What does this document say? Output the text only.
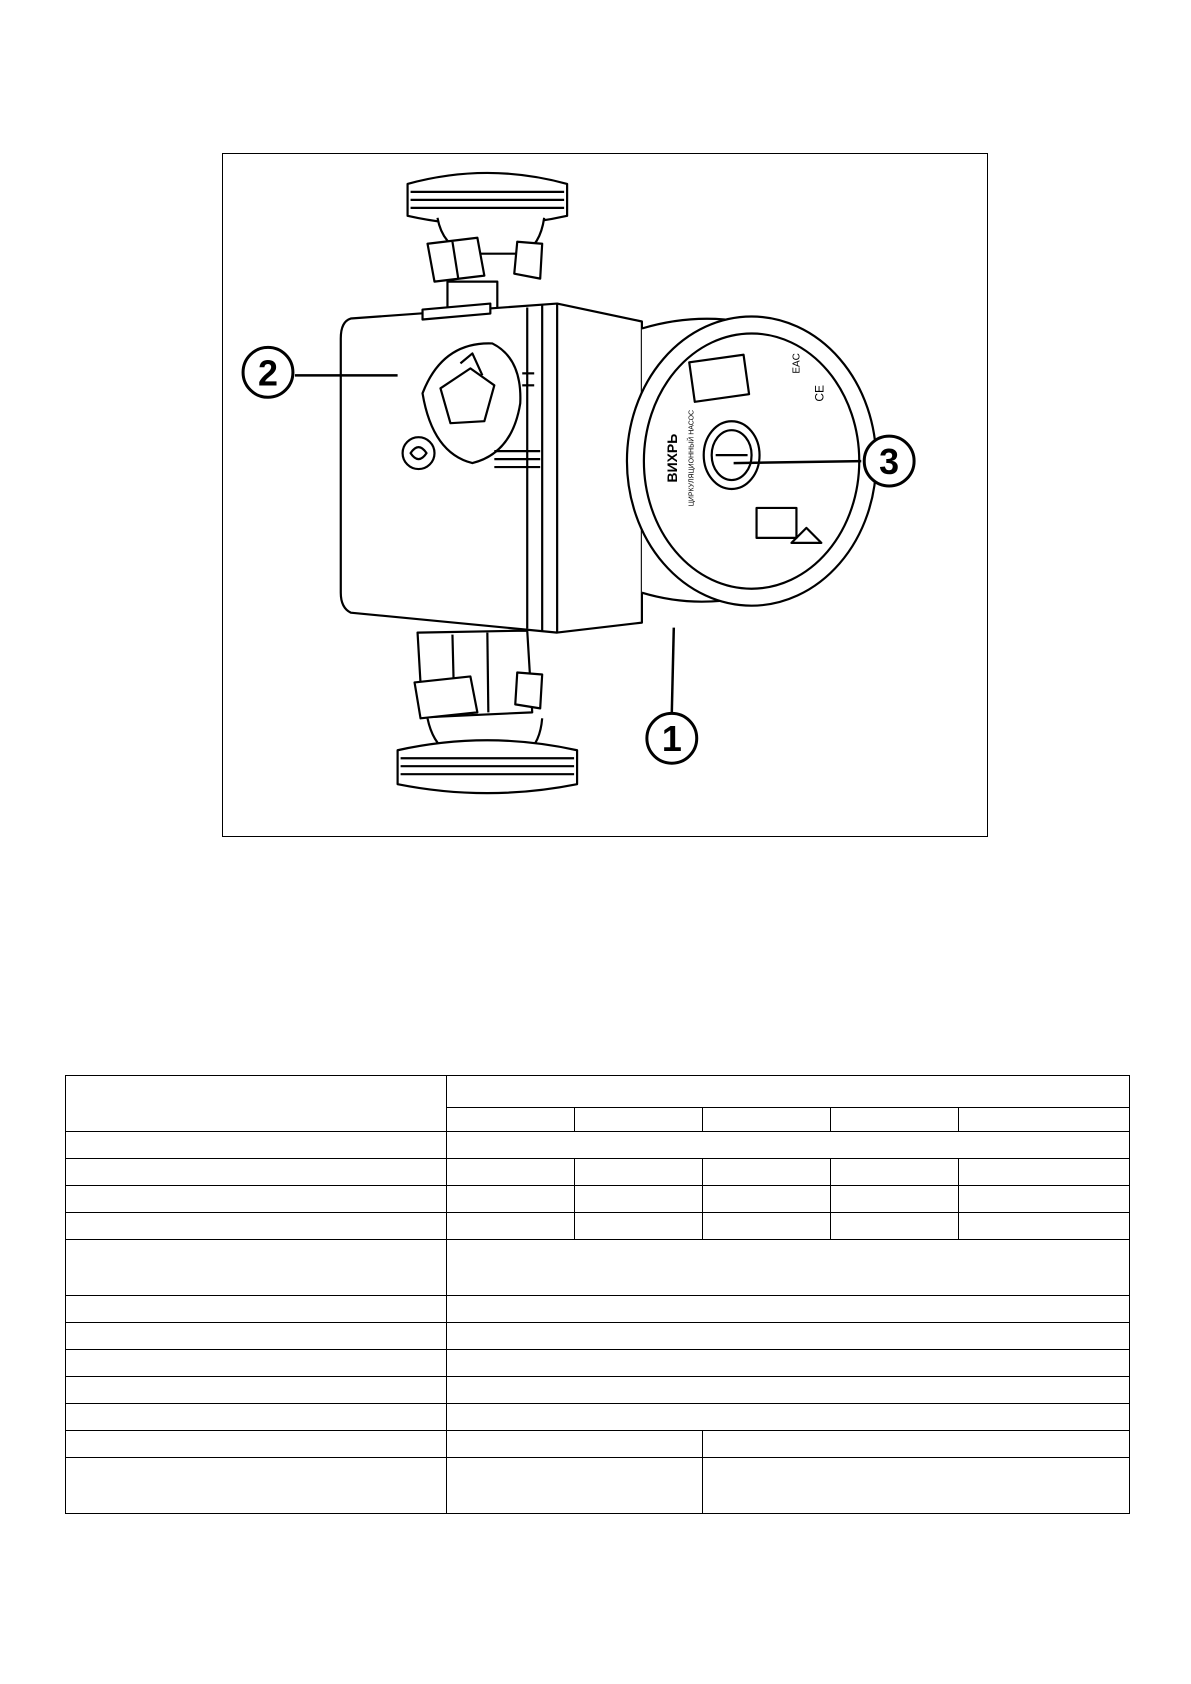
ВИХРЬ ЦИРКУЛЯЦИОННЫЙ НАСОС
EAC
CE
2
3
1
